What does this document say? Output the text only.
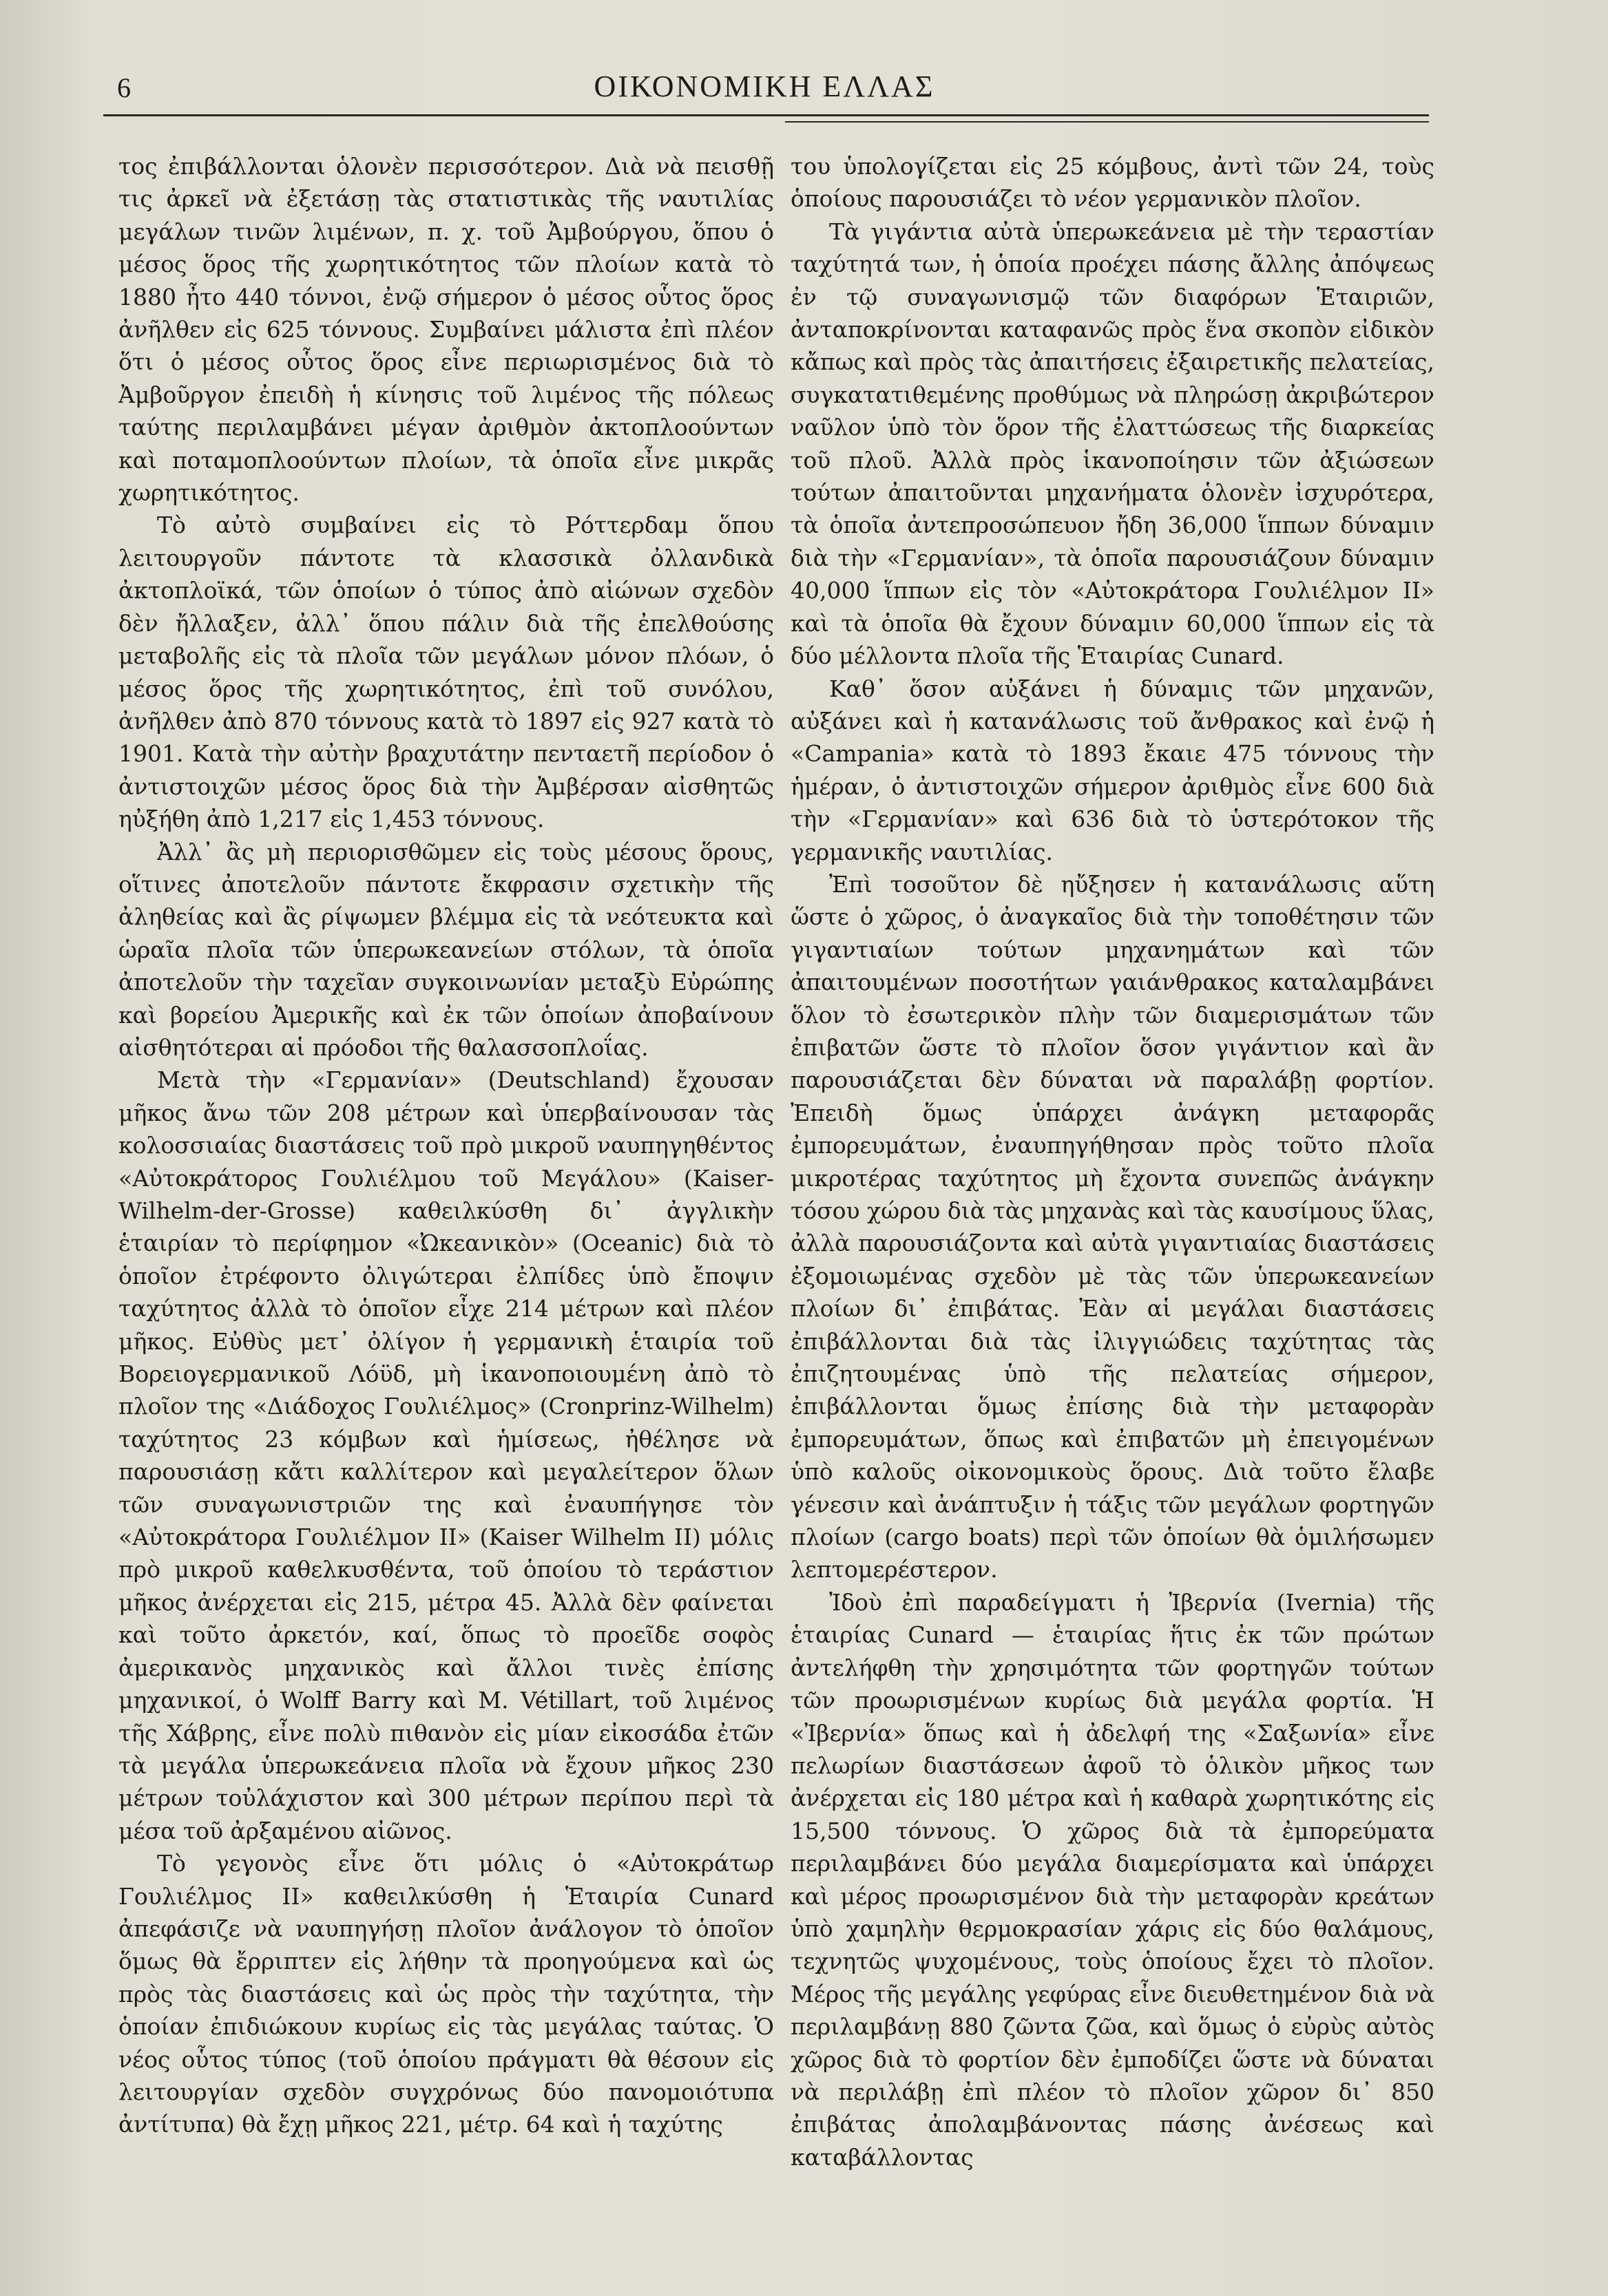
6	ΟΙΚΟΝΟΜΙΚΗ ΕΛΛΑΣ

τος ἐπιβάλλονται ὁλονὲν περισσότερον. Διὰ νὰ πεισθῇ τις ἀρκεῖ νὰ ἐξετάσῃ τὰς στατιστικὰς τῆς ναυτιλίας μεγάλων τινῶν λιμένων, π. χ. τοῦ Ἀμβούργου, ὅπου ὁ μέσος ὅρος τῆς χωρητικότητος τῶν πλοίων κατὰ τὸ 1880 ἦτο 440 τόννοι, ἐνῷ σήμερον ὁ μέσος οὗτος ὅρος ἀνῆλθεν εἰς 625 τόννους. Συμβαίνει μάλιστα ἐπὶ πλέον ὅτι ὁ μέσος οὗτος ὅρος εἶνε περιωρισμένος διὰ τὸ Ἀμβοῦργον ἐπειδὴ ἡ κίνησις τοῦ λιμένος τῆς πόλεως ταύτης περιλαμβάνει μέγαν ἀριθμὸν ἀκτοπλοούντων καὶ ποταμοπλοούντων πλοίων, τὰ ὁποῖα εἶνε μικρᾶς χωρητικότητος.

Τὸ αὐτὸ συμβαίνει εἰς τὸ Ρόττερδαμ ὅπου λειτουργοῦν πάντοτε τὰ κλασσικὰ ὀλλανδικὰ ἀκτοπλοϊκά, τῶν ὁποίων ὁ τύπος ἀπὸ αἰώνων σχεδὸν δὲν ἤλλαξεν, ἀλλ᾽ ὅπου πάλιν διὰ τῆς ἐπελθούσης μεταβολῆς εἰς τὰ πλοῖα τῶν μεγάλων μόνον πλόων, ὁ μέσος ὅρος τῆς χωρητικότητος, ἐπὶ τοῦ συνόλου, ἀνῆλθεν ἀπὸ 870 τόννους κατὰ τὸ 1897 εἰς 927 κατὰ τὸ 1901. Κατὰ τὴν αὐτὴν βραχυτάτην πενταετῆ περίοδον ὁ ἀντιστοιχῶν μέσος ὅρος διὰ τὴν Ἀμβέρσαν αἰσθητῶς ηὐξήθη ἀπὸ 1,217 εἰς 1,453 τόννους.

Ἀλλ᾽ ἂς μὴ περιορισθῶμεν εἰς τοὺς μέσους ὅρους, οἵτινες ἀποτελοῦν πάντοτε ἔκφρασιν σχετικὴν τῆς ἀληθείας καὶ ἂς ρίψωμεν βλέμμα εἰς τὰ νεότευκτα καὶ ὡραῖα πλοῖα τῶν ὑπερωκεανείων στόλων, τὰ ὁποῖα ἀποτελοῦν τὴν ταχεῖαν συγκοινωνίαν μεταξὺ Εὐρώπης καὶ βορείου Ἀμερικῆς καὶ ἐκ τῶν ὁποίων ἀποβαίνουν αἰσθητότεραι αἱ πρόοδοι τῆς θαλασσοπλοΐας.

Μετὰ τὴν «Γερμανίαν» (Deutschland) ἔχουσαν μῆκος ἄνω τῶν 208 μέτρων καὶ ὑπερβαίνουσαν τὰς κολοσσιαίας διαστάσεις τοῦ πρὸ μικροῦ ναυπηγηθέντος «Αὐτοκράτορος Γουλιέλμου τοῦ Μεγάλου» (Kaiser-Wilhelm-der-Grosse) καθειλκύσθη δι᾽ ἀγγλικὴν ἑταιρίαν τὸ περίφημον «Ὠκεανικὸν» (Oceanic) διὰ τὸ ὁποῖον ἐτρέφοντο ὀλιγώτεραι ἐλπίδες ὑπὸ ἔποψιν ταχύτητος ἀλλὰ τὸ ὁποῖον εἶχε 214 μέτρων καὶ πλέον μῆκος. Εὐθὺς μετ᾽ ὀλίγον ἡ γερμανικὴ ἑταιρία τοῦ Βορειογερμανικοῦ Λόϋδ, μὴ ἱκανοποιουμένη ἀπὸ τὸ πλοῖον της «Διάδοχος Γουλιέλμος» (Cronprinz-Wilhelm) ταχύτητος 23 κόμβων καὶ ἡμίσεως, ἠθέλησε νὰ παρουσιάσῃ κἄτι καλλίτερον καὶ μεγαλείτερον ὅλων τῶν συναγωνιστριῶν της καὶ ἐναυπήγησε τὸν «Αὐτοκράτορα Γουλιέλμον ΙΙ» (Kaiser Wilhelm II) μόλις πρὸ μικροῦ καθελκυσθέντα, τοῦ ὁποίου τὸ τεράστιον μῆκος ἀνέρχεται εἰς 215, μέτρα 45. Ἀλλὰ δὲν φαίνεται καὶ τοῦτο ἀρκετόν, καί, ὅπως τὸ προεῖδε σοφὸς ἀμερικανὸς μηχανικὸς καὶ ἄλλοι τινὲς ἐπίσης μηχανικοί, ὁ Wolff Barry καὶ M. Vétillart, τοῦ λιμένος τῆς Χάβρης, εἶνε πολὺ πιθανὸν εἰς μίαν εἰκοσάδα ἐτῶν τὰ μεγάλα ὑπερωκεάνεια πλοῖα νὰ ἔχουν μῆκος 230 μέτρων τοὐλάχιστον καὶ 300 μέτρων περίπου περὶ τὰ μέσα τοῦ ἀρξαμένου αἰῶνος.

Τὸ γεγονὸς εἶνε ὅτι μόλις ὁ «Αὐτοκράτωρ Γουλιέλμος ΙΙ» καθειλκύσθη ἡ Ἑταιρία Cunard ἀπεφάσιζε νὰ ναυπηγήσῃ πλοῖον ἀνάλογον τὸ ὁποῖον ὅμως θὰ ἔρριπτεν εἰς λήθην τὰ προηγούμενα καὶ ὡς πρὸς τὰς διαστάσεις καὶ ὡς πρὸς τὴν ταχύτητα, τὴν ὁποίαν ἐπιδιώκουν κυρίως εἰς τὰς μεγάλας ταύτας. Ὁ νέος οὗτος τύπος (τοῦ ὁποίου πράγματι θὰ θέσουν εἰς λειτουργίαν σχεδὸν συγχρόνως δύο πανομοιότυπα ἀντίτυπα) θὰ ἔχῃ μῆκος 221, μέτρ. 64 καὶ ἡ ταχύτης

του ὑπολογίζεται εἰς 25 κόμβους, ἀντὶ τῶν 24, τοὺς ὁποίους παρουσιάζει τὸ νέον γερμανικὸν πλοῖον.

Τὰ γιγάντια αὐτὰ ὑπερωκεάνεια μὲ τὴν τεραστίαν ταχύτητά των, ἡ ὁποία προέχει πάσης ἄλλης ἀπόψεως ἐν τῷ συναγωνισμῷ τῶν διαφόρων Ἑταιριῶν, ἀνταποκρίνονται καταφανῶς πρὸς ἕνα σκοπὸν εἰδικὸν κἄπως καὶ πρὸς τὰς ἀπαιτήσεις ἐξαιρετικῆς πελατείας, συγκατατιθεμένης προθύμως νὰ πληρώσῃ ἀκριβώτερον ναῦλον ὑπὸ τὸν ὅρον τῆς ἐλαττώσεως τῆς διαρκείας τοῦ πλοῦ. Ἀλλὰ πρὸς ἱκανοποίησιν τῶν ἀξιώσεων τούτων ἀπαιτοῦνται μηχανήματα ὁλονὲν ἰσχυρότερα, τὰ ὁποῖα ἀντεπροσώπευον ἤδη 36,000 ἵππων δύναμιν διὰ τὴν «Γερμανίαν», τὰ ὁποῖα παρουσιάζουν δύναμιν 40,000 ἵππων εἰς τὸν «Αὐτοκράτορα Γουλιέλμον ΙΙ» καὶ τὰ ὁποῖα θὰ ἔχουν δύναμιν 60,000 ἵππων εἰς τὰ δύο μέλλοντα πλοῖα τῆς Ἑταιρίας Cunard.

Καθ᾽ ὅσον αὐξάνει ἡ δύναμις τῶν μηχανῶν, αὐξάνει καὶ ἡ κατανάλωσις τοῦ ἄνθρακος καὶ ἐνῷ ἡ «Campania» κατὰ τὸ 1893 ἔκαιε 475 τόννους τὴν ἡμέραν, ὁ ἀντιστοιχῶν σήμερον ἀριθμὸς εἶνε 600 διὰ τὴν «Γερμανίαν» καὶ 636 διὰ τὸ ὑστερότοκον τῆς γερμανικῆς ναυτιλίας.

Ἐπὶ τοσοῦτον δὲ ηὔξησεν ἡ κατανάλωσις αὕτη ὥστε ὁ χῶρος, ὁ ἀναγκαῖος διὰ τὴν τοποθέτησιν τῶν γιγαντιαίων τούτων μηχανημάτων καὶ τῶν ἀπαιτουμένων ποσοτήτων γαιάνθρακος καταλαμβάνει ὅλον τὸ ἐσωτερικὸν πλὴν τῶν διαμερισμάτων τῶν ἐπιβατῶν ὥστε τὸ πλοῖον ὅσον γιγάντιον καὶ ἂν παρουσιάζεται δὲν δύναται νὰ παραλάβῃ φορτίον. Ἐπειδὴ ὅμως ὑπάρχει ἀνάγκη μεταφορᾶς ἐμπορευμάτων, ἐναυπηγήθησαν πρὸς τοῦτο πλοῖα μικροτέρας ταχύτητος μὴ ἔχοντα συνεπῶς ἀνάγκην τόσου χώρου διὰ τὰς μηχανὰς καὶ τὰς καυσίμους ὕλας, ἀλλὰ παρουσιάζοντα καὶ αὐτὰ γιγαντιαίας διαστάσεις ἐξομοιωμένας σχεδὸν μὲ τὰς τῶν ὑπερωκεανείων πλοίων δι᾽ ἐπιβάτας. Ἐὰν αἱ μεγάλαι διαστάσεις ἐπιβάλλονται διὰ τὰς ἰλιγγιώδεις ταχύτητας τὰς ἐπιζητουμένας ὑπὸ τῆς πελατείας σήμερον, ἐπιβάλλονται ὅμως ἐπίσης διὰ τὴν μεταφορὰν ἐμπορευμάτων, ὅπως καὶ ἐπιβατῶν μὴ ἐπειγομένων ὑπὸ καλοῦς οἰκονομικοὺς ὅρους. Διὰ τοῦτο ἔλαβε γένεσιν καὶ ἀνάπτυξιν ἡ τάξις τῶν μεγάλων φορτηγῶν πλοίων (cargo boats) περὶ τῶν ὁποίων θὰ ὁμιλήσωμεν λεπτομερέστερον.

Ἰδοὺ ἐπὶ παραδείγματι ἡ Ἰβερνία (Ivernia) τῆς ἑταιρίας Cunard — ἑταιρίας ἥτις ἐκ τῶν πρώτων ἀντελήφθη τὴν χρησιμότητα τῶν φορτηγῶν τούτων τῶν προωρισμένων κυρίως διὰ μεγάλα φορτία. Ἡ «Ἰβερνία» ὅπως καὶ ἡ ἀδελφή της «Σαξωνία» εἶνε πελωρίων διαστάσεων ἀφοῦ τὸ ὁλικὸν μῆκος των ἀνέρχεται εἰς 180 μέτρα καὶ ἡ καθαρὰ χωρητικότης εἰς 15,500 τόννους. Ὁ χῶρος διὰ τὰ ἐμπορεύματα περιλαμβάνει δύο μεγάλα διαμερίσματα καὶ ὑπάρχει καὶ μέρος προωρισμένον διὰ τὴν μεταφορὰν κρεάτων ὑπὸ χαμηλὴν θερμοκρασίαν χάρις εἰς δύο θαλάμους, τεχνητῶς ψυχομένους, τοὺς ὁποίους ἔχει τὸ πλοῖον. Μέρος τῆς μεγάλης γεφύρας εἶνε διευθετημένον διὰ νὰ περιλαμβάνῃ 880 ζῶντα ζῶα, καὶ ὅμως ὁ εὐρὺς αὐτὸς χῶρος διὰ τὸ φορτίον δὲν ἐμποδίζει ὥστε νὰ δύναται νὰ περιλάβῃ ἐπὶ πλέον τὸ πλοῖον χῶρον δι᾽ 850 ἐπιβάτας ἀπολαμβάνοντας πάσης ἀνέσεως καὶ καταβάλλοντας
